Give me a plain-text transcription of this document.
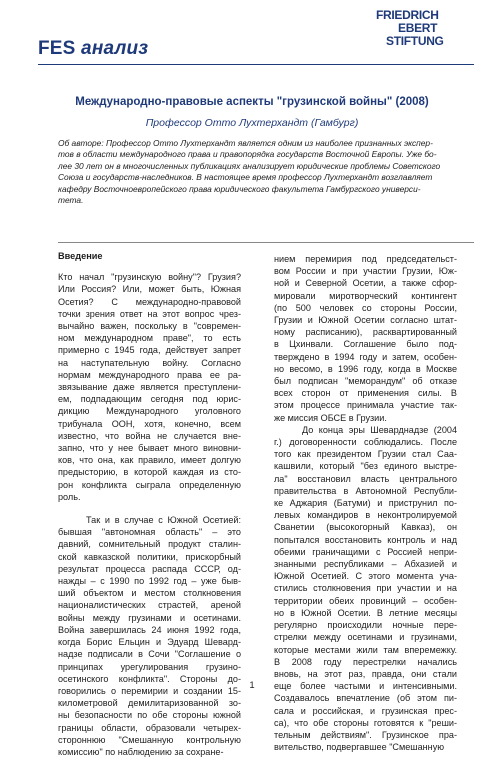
FES анализ
FRIEDRICH
EBERT
STIFTUNG
Международно-правовые аспекты "грузинской войны" (2008)
Профессор Отто Лухтерхандт (Гамбург)
Об авторе: Профессор Отто Лухтерхандт является одним из наиболее признанных экспер-
тов в области международного права и правопорядка государств Восточной Европы. Уже бо-
лее 30 лет он в многочисленных публикациях анализирует юридические проблемы Советского
Союза и государств-наследников. В настоящее время профессор Лухтерхандт возглавляет
кафедру Восточноевропейского права юридического факультета Гамбургского универси-
тета.
Введение
Кто начал "грузинскую войну"? Грузия?
Или Россия? Или, может быть, Южная
Осетия? С международно-правовой
точки зрения ответ на этот вопрос чрез-
вычайно важен, поскольку в "современ-
ном международном праве", то есть
примерно с 1945 года, действует запрет
на наступательную войну. Согласно
нормам международного права ее ра-
звязывание даже является преступлени-
ем, подпадающим сегодня под юрис-
дикцию Международного уголовного
трибунала ООН, хотя, конечно, всем
известно, что война не случается вне-
запно, что у нее бывает много виновни-
ков, что она, как правило, имеет долгую
предысторию, в которой каждая из сто-
рон конфликта сыграла определенную
роль.
Так и в случае с Южной Осетией:
бывшая "автономная область" – это
давний, сомнительный продукт сталин-
ской кавказской политики, прискорбный
результат процесса распада СССР, од-
нажды – с 1990 по 1992 год – уже быв-
ший объектом и местом столкновения
националистических страстей, ареной
войны между грузинами и осетинами.
Война завершилась 24 июня 1992 года,
когда Борис Ельцин и Эдуард Шевард-
надзе подписали в Сочи "Соглашение о
принципах урегулирования грузино-
осетинского конфликта". Стороны до-
говорились о перемирии и создании 15-
километровой демилитаризованной зо-
ны безопасности по обе стороны южной
границы области, образовали четырех-
стороннюю "Смешанную контрольную
комиссию" по наблюдению за сохране-
нием перемирия под председательст-
вом России и при участии Грузии, Юж-
ной и Северной Осетии, а также сфор-
мировали миротворческий контингент
(по 500 человек со стороны России,
Грузии и Южной Осетии согласно штат-
ному расписанию), расквартированный
в Цхинвали. Соглашение было под-
тверждено в 1994 году и затем, особен-
но весомо, в 1996 году, когда в Москве
был подписан "меморандум" об отказе
всех сторон от применения силы. В
этом процессе принимала участие так-
же миссия ОБСЕ в Грузии.
До конца эры Шеварднадзе (2004
г.) договоренности соблюдались. После
того как президентом Грузии стал Саа-
кашвили, который "без единого выстре-
ла" восстановил власть центрального
правительства в Автономной Республи-
ке Аджария (Батуми) и приструнил по-
левых командиров в неконтролируемой
Сванетии (высокогорный Кавказ), он
попытался восстановить контроль и над
обеими граничащими с Россией непри-
знанными республиками – Абхазией и
Южной Осетией. С этого момента уча-
стились столкновения при участии и на
территории обеих провинций – особен-
но в Южной Осетии. В летние месяцы
регулярно происходили ночные пере-
стрелки между осетинами и грузинами,
которые местами жили там вперемежку.
В 2008 году перестрелки начались
вновь, на этот раз, правда, они стали
еще более частыми и интенсивными.
Создавалось впечатление (об этом пи-
сала и российская, и грузинская прес-
са), что обе стороны готовятся к "реши-
тельным действиям". Грузинское пра-
вительство, подвергавшее "Смешанную
1
